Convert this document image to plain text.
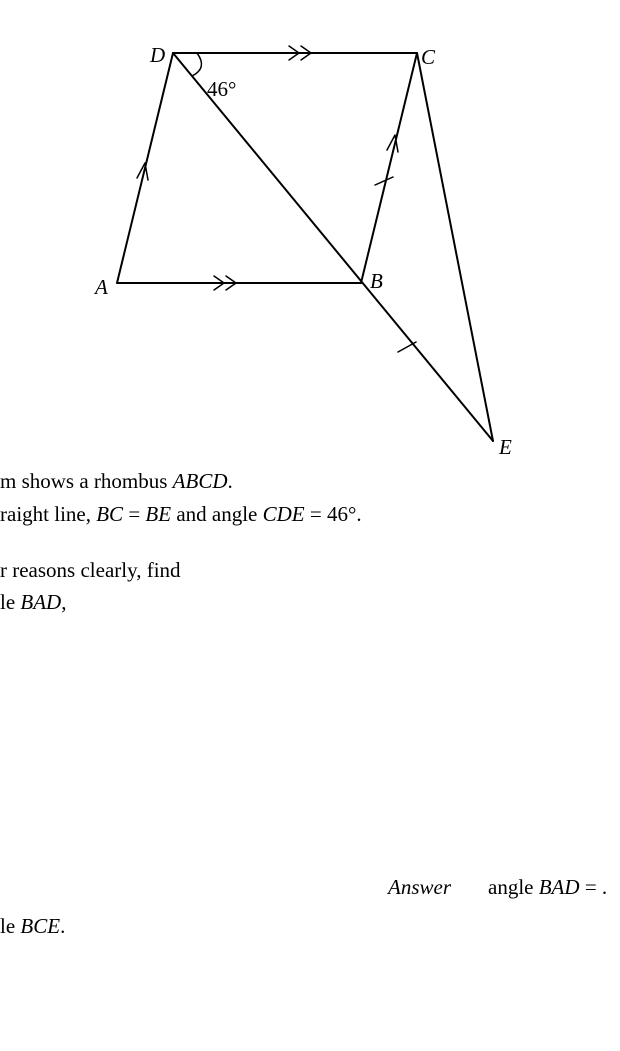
D	C
A	B
E
46°
m shows a rhombus ABCD.
raight line, BC = BE and angle CDE = 46°.
r reasons clearly, find
le BAD,
Answer angle BAD = .
le BCE.
